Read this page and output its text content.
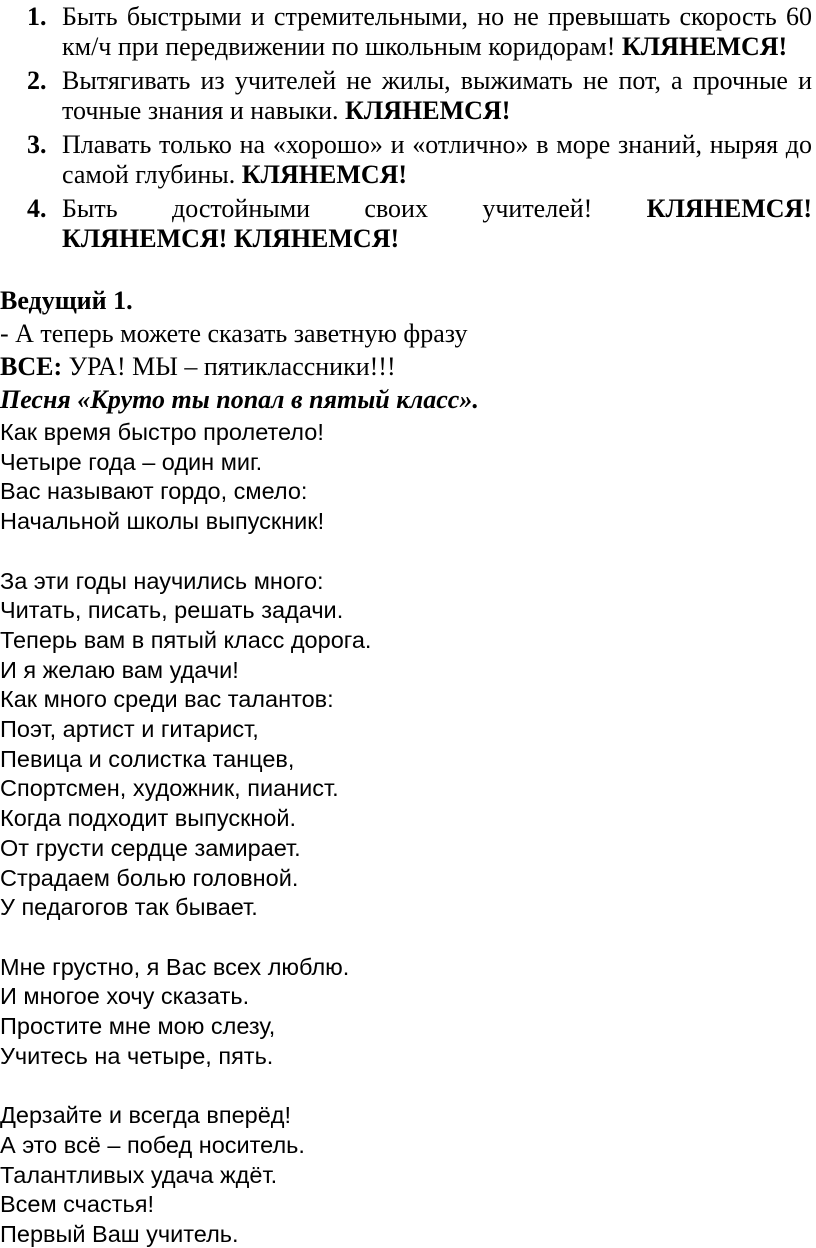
1. Быть быстрыми и стремительными, но не превышать скорость 60 км/ч при передвижении по школьным коридорам! КЛЯНЕМСЯ!
2. Вытягивать из учителей не жилы, выжимать не пот, а прочные и точные знания и навыки. КЛЯНЕМСЯ!
3. Плавать только на «хорошо» и «отлично» в море знаний, ныряя до самой глубины. КЛЯНЕМСЯ!
4. Быть достойными своих учителей! КЛЯНЕМСЯ!
КЛЯНЕМСЯ! КЛЯНЕМСЯ!
Ведущий 1.
- А теперь можете сказать заветную фразу
ВСЕ: УРА! МЫ – пятиклассники!!!
Песня «Круто ты попал в пятый класс».
Как время быстро пролетело!
Четыре года – один миг.
Вас называют гордо, смело:
Начальной школы выпускник!
За эти годы научились много:
Читать, писать, решать задачи.
Теперь вам в пятый класс дорога.
И я желаю вам удачи!
Как много среди вас талантов:
Поэт, артист и гитарист,
Певица и солистка танцев,
Спортсмен, художник, пианист.
Когда подходит выпускной.
От грусти сердце замирает.
Страдаем болью головной.
У педагогов так бывает.
Мне грустно, я Вас всех люблю.
И многое хочу сказать.
Простите мне мою слезу,
Учитесь на четыре, пять.
Дерзайте и всегда вперёд!
А это всё – побед носитель.
Талантливых удача ждёт.
Всем счастья!
Первый Ваш учитель.
